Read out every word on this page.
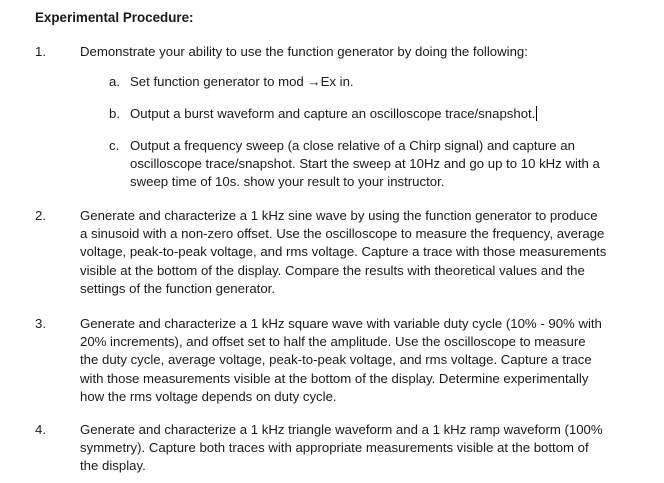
Experimental Procedure:
1.	Demonstrate your ability to use the function generator by doing the following:
a. Set function generator to mod →Ex in.
b. Output a burst waveform and capture an oscilloscope trace/snapshot.
c. Output a frequency sweep (a close relative of a Chirp signal) and capture an
oscilloscope trace/snapshot. Start the sweep at 10Hz and go up to 10 kHz with a
sweep time of 10s. show your result to your instructor.
2.	Generate and characterize a 1 kHz sine wave by using the function generator to produce
a sinusoid with a non-zero offset. Use the oscilloscope to measure the frequency, average
voltage, peak-to-peak voltage, and rms voltage. Capture a trace with those measurements
visible at the bottom of the display. Compare the results with theoretical values and the
settings of the function generator.
3.	Generate and characterize a 1 kHz square wave with variable duty cycle (10% - 90% with
20% increments), and offset set to half the amplitude. Use the oscilloscope to measure
the duty cycle, average voltage, peak-to-peak voltage, and rms voltage. Capture a trace
with those measurements visible at the bottom of the display. Determine experimentally
how the rms voltage depends on duty cycle.
4.	Generate and characterize a 1 kHz triangle waveform and a 1 kHz ramp waveform (100%
symmetry). Capture both traces with appropriate measurements visible at the bottom of
the display.
